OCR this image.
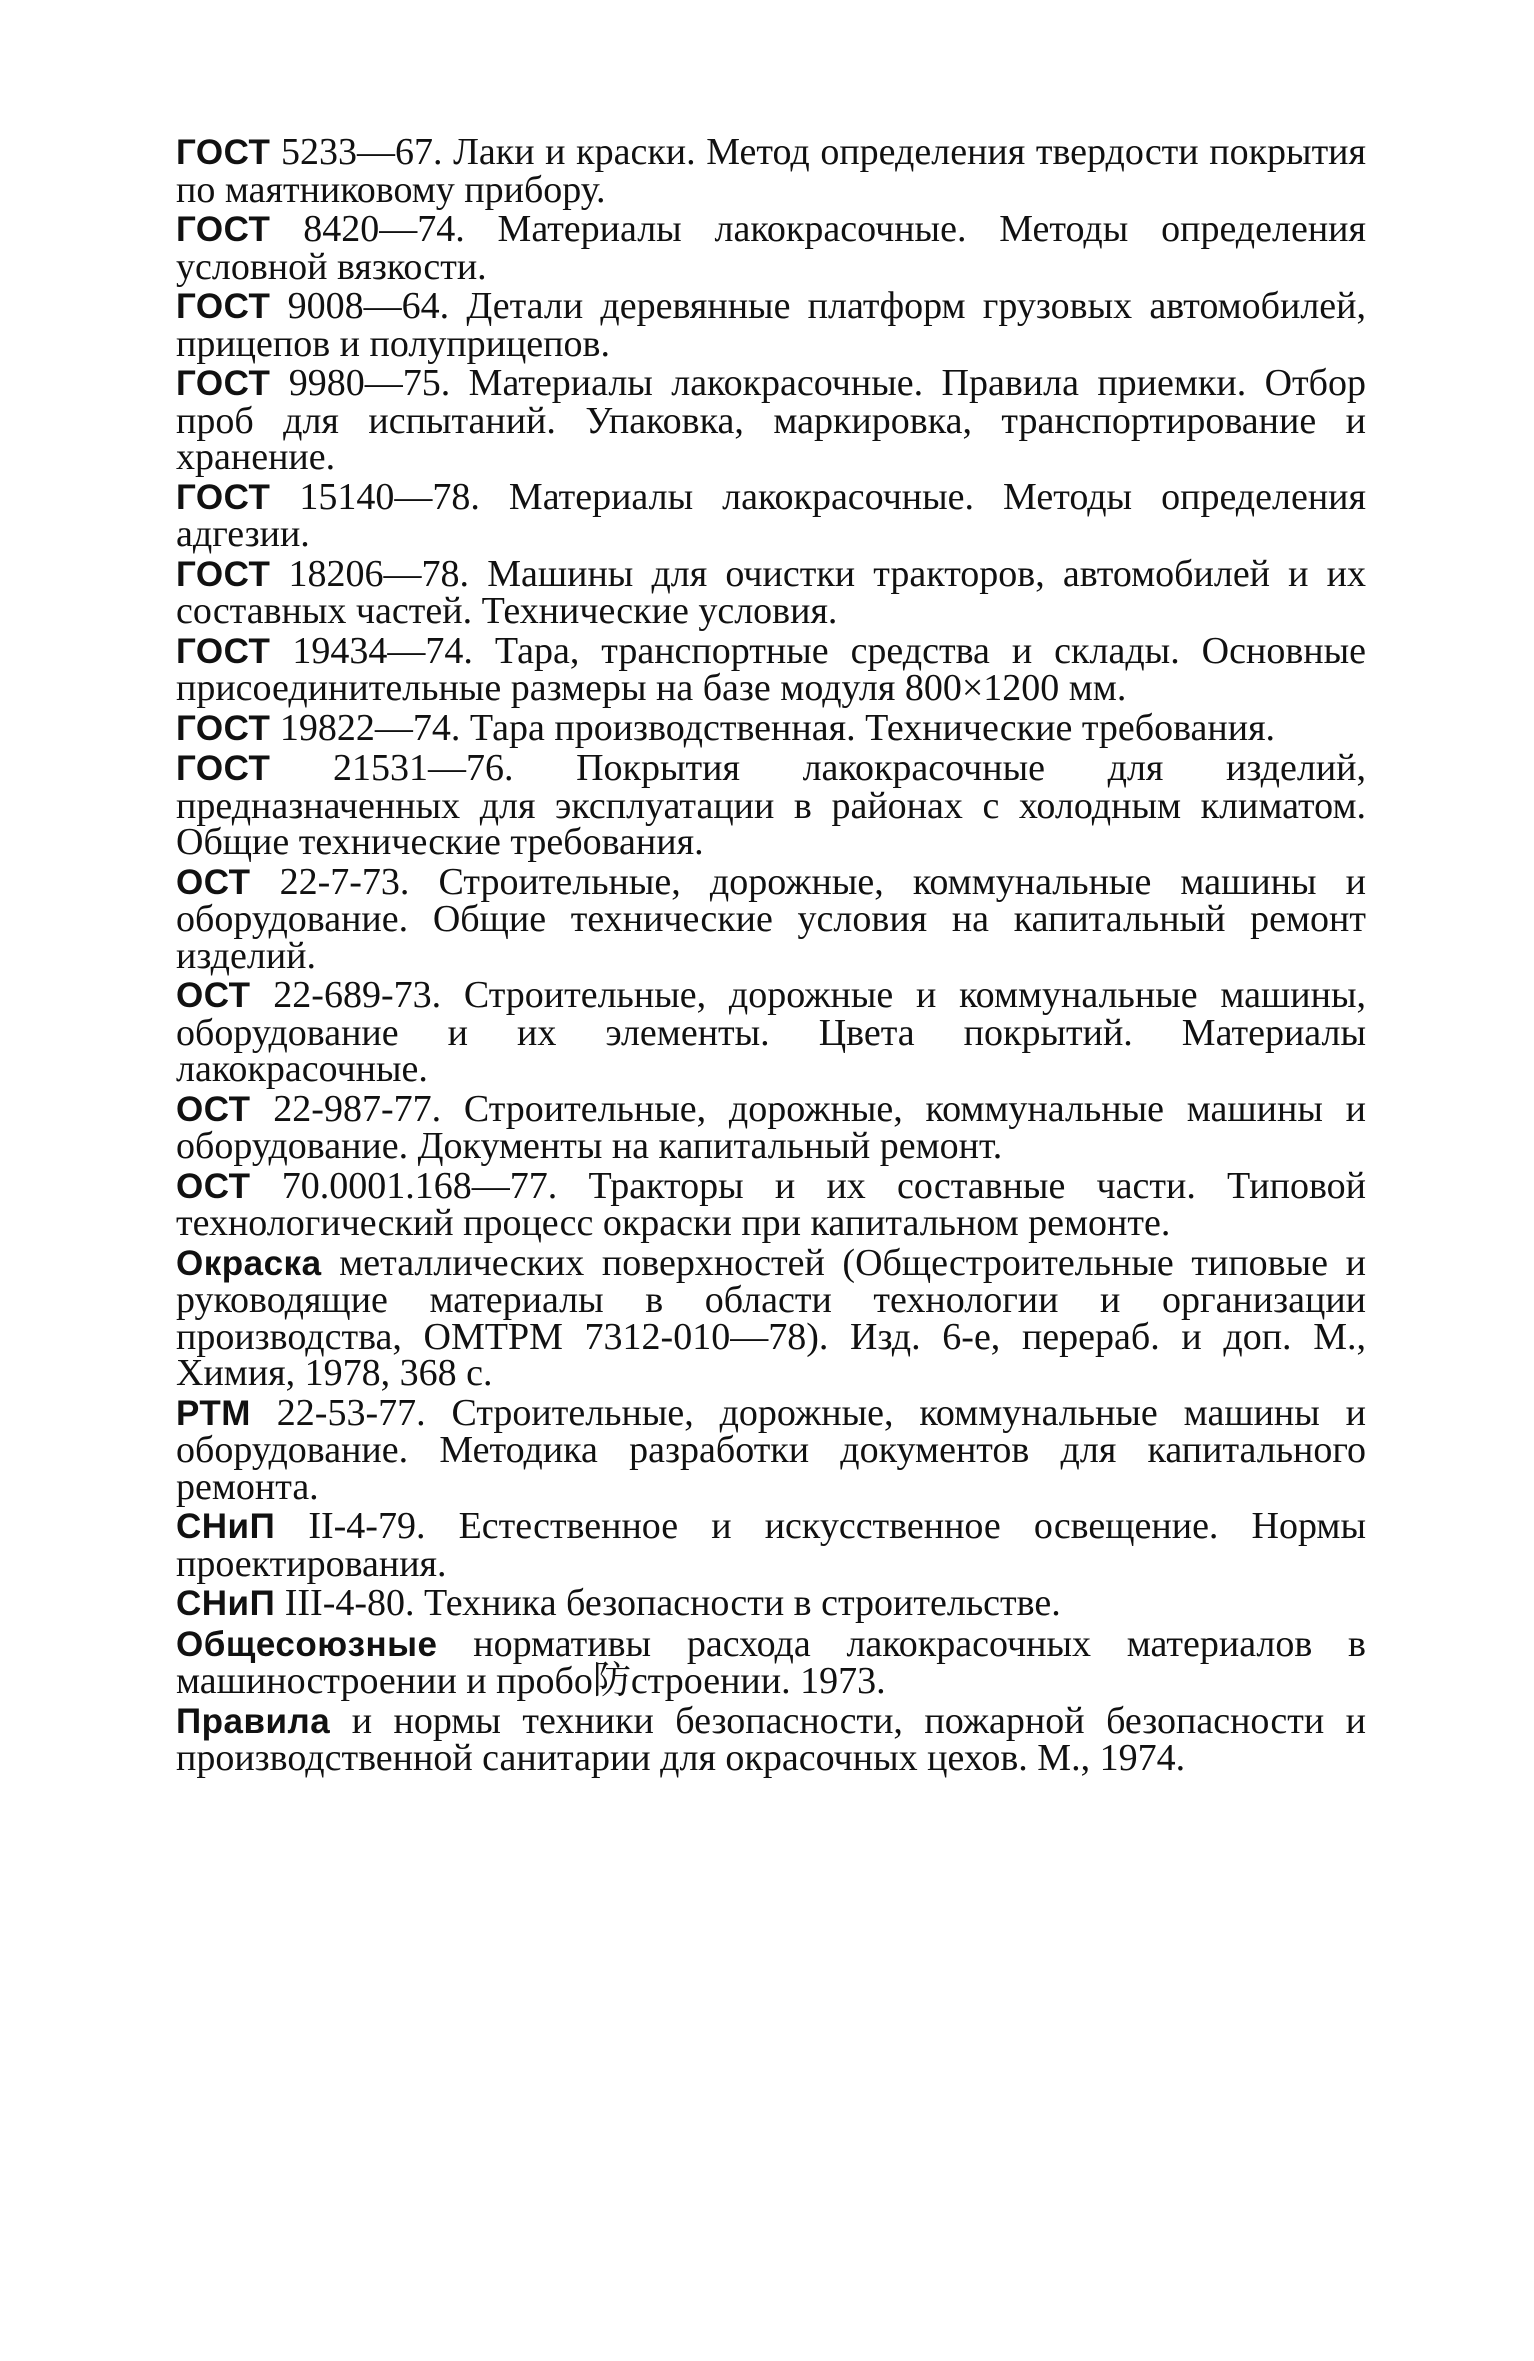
ГОСТ 5233—67. Лаки и краски. Метод определения твердости покрытия по маятниковому прибору.

ГОСТ 8420—74. Материалы лакокрасочные. Методы определения условной вязкости.

ГОСТ 9008—64. Детали деревянные платформ грузовых автомобилей, прицепов и полуприцепов.

ГОСТ 9980—75. Материалы лакокрасочные. Правила приемки. Отбор проб для испытаний. Упаковка, маркировка, транспортирование и хранение.

ГОСТ 15140—78. Материалы лакокрасочные. Методы определения адгезии.

ГОСТ 18206—78. Машины для очистки тракторов, автомобилей и их составных частей. Технические условия.

ГОСТ 19434—74. Тара, транспортные средства и склады. Основные присоединительные размеры на базе модуля 800×1200 мм.

ГОСТ 19822—74. Тара производственная. Технические требования.

ГОСТ 21531—76. Покрытия лакокрасочные для изделий, предназначенных для эксплуатации в районах с холодным климатом. Общие технические требования.

ОСТ 22-7-73. Строительные, дорожные, коммунальные машины и оборудование. Общие технические условия на капитальный ремонт изделий.

ОСТ 22-689-73. Строительные, дорожные и коммунальные машины, оборудование и их элементы. Цвета покрытий. Материалы лакокрасочные.

ОСТ 22-987-77. Строительные, дорожные, коммунальные машины и оборудование. Документы на капитальный ремонт.

ОСТ 70.0001.168—77. Тракторы и их составные части. Типовой технологический процесс окраски при капитальном ремонте.

Окраска металлических поверхностей (Общестроительные типовые и руководящие материалы в области технологии и организации производства, ОМТРМ 7312-010—78). Изд. 6-е, перераб. и доп. М., Химия, 1978, 368 с.

РТМ 22-53-77. Строительные, дорожные, коммунальные машины и оборудование. Методика разработки документов для капитального ремонта.

СНиП II-4-79. Естественное и искусственное освещение. Нормы проектирования.

СНиП III-4-80. Техника безопасности в строительстве.

Общесоюзные нормативы расхода лакокрасочных материалов в машиностроении и пробо防строении. 1973.

Правила и нормы техники безопасности, пожарной безопасности и производственной санитарии для окрасочных цехов. М., 1974.
